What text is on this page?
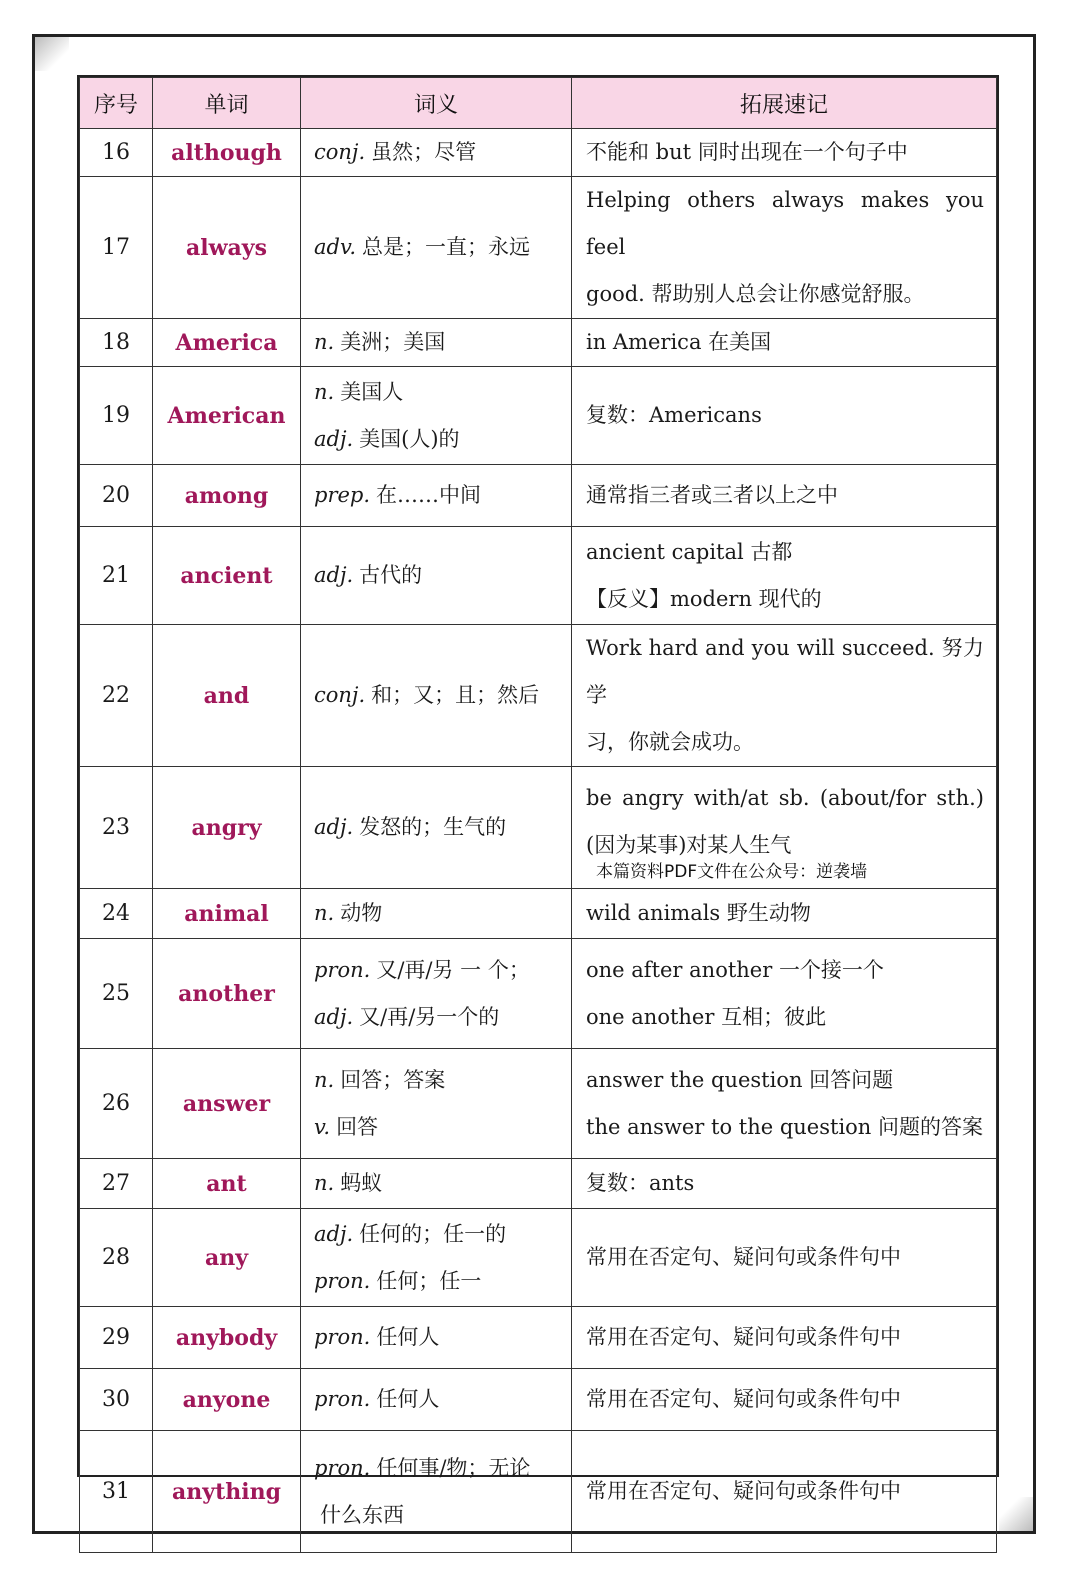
序号	单词	词义	拓展速记
16	although	conj. 虽然；尽管	不能和 but 同时出现在一个句子中

17	always	adv. 总是；一直；永远	Helping others always makes you feel
good. 帮助别人总会让你感觉舒服。

18	America	n. 美洲；美国	in America 在美国

19	American	n. 美国人
adj. 美国(人)的	复数：Americans

20	among	prep. 在……中间	通常指三者或三者以上之中

21	ancient	adj. 古代的	ancient capital 古都
【反义】modern 现代的

22	and	conj. 和；又；且；然后	Work hard and you will succeed. 努力学
习，你就会成功。

23	angry	adj. 发怒的；生气的	be angry with/at sb. (about/for sth.)
(因为某事)对某人生气
本篇资料PDF文件在公众号：逆袭墙

24	animal	n. 动物	wild animals 野生动物

25	another	pron. 又/再/另 一 个；
adj. 又/再/另一个的	one after another 一个接一个
one another 互相；彼此

26	answer	n. 回答；答案
v. 回答	answer the question 回答问题
the answer to the question 问题的答案

27	ant	n. 蚂蚁	复数：ants

28	any	adj. 任何的；任一的
pron. 任何；任一	常用在否定句、疑问句或条件句中

29	anybody	pron. 任何人	常用在否定句、疑问句或条件句中

30	anyone	pron. 任何人	常用在否定句、疑问句或条件句中

31	anything	pron. 任何事/物；无论
什么东西	常用在否定句、疑问句或条件句中
